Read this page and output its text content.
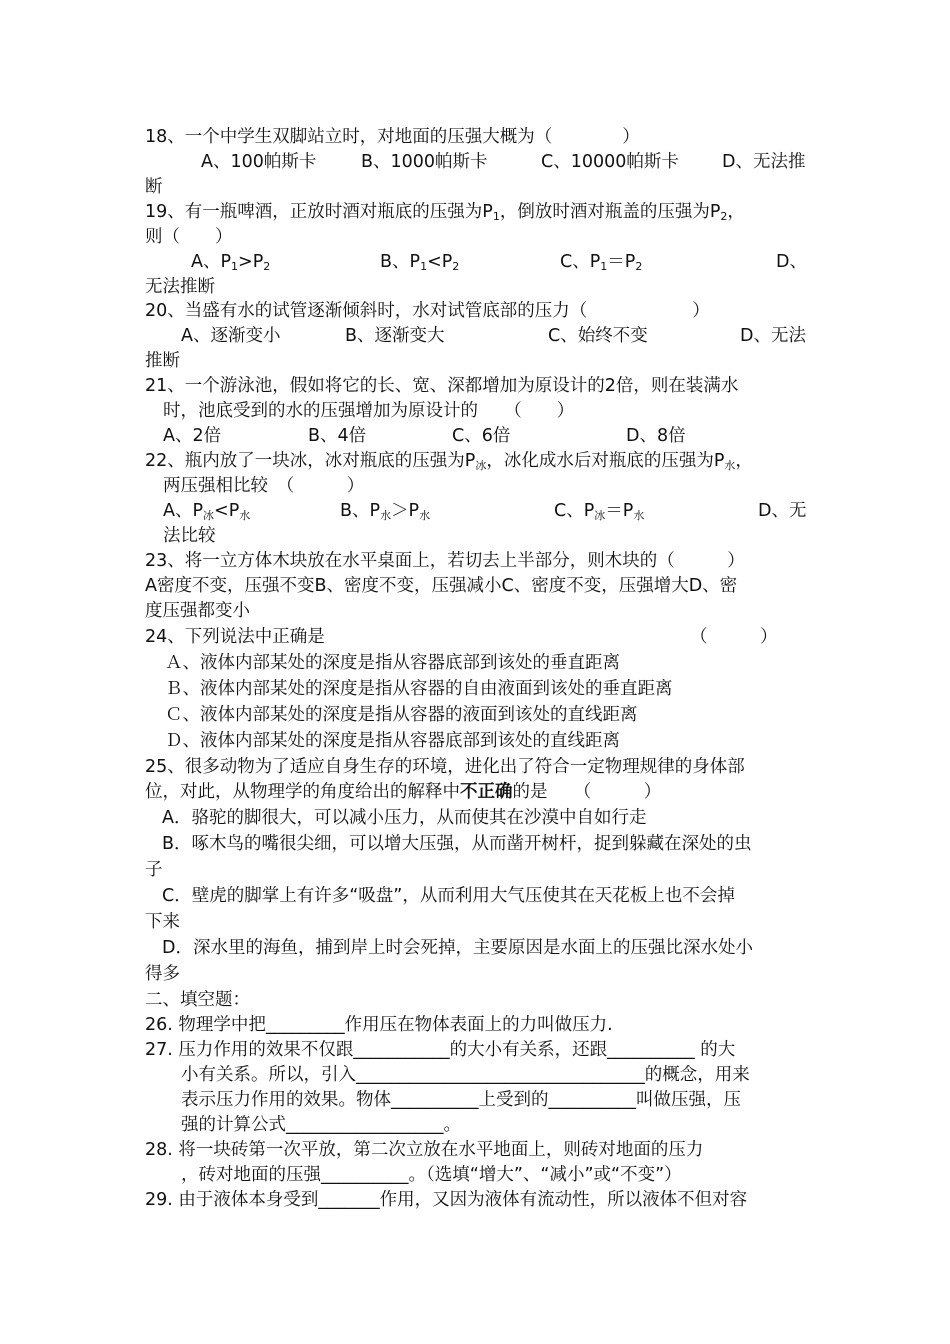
18、一个中学生双脚站立时，对地面的压强大概为（　　　　）
A、100帕斯卡	B、1000帕斯卡	C、10000帕斯卡 D、无法推
断
19、有一瓶啤酒，正放时酒对瓶底的压强为$P_1$，倒放时酒对瓶盖的压强为$P_2$，
则（　　）
A、$P_1>P_2$	B、$P_1<P_2$	C、$P_1=P_2$	D、
无法推断
20、当盛有水的试管逐渐倾斜时，水对试管底部的压力（　　　　　　）
A、逐渐变小	B、逐渐变大	C、始终不变	D、无法
推断
21、一个游泳池，假如将它的长、宽、深都增加为原设计的2倍，则在装满水
时，池底受到的水的压强增加为原设计的　　（　　）
A、2倍	B、4倍	C、6倍	D、8倍
22、瓶内放了一块冰，冰对瓶底的压强为$P_冰$，冰化成水后对瓶底的压强为$P_水$，
两压强相比较　（　　　）
A、$P_冰<P_水$	B、$P_水>P_水$	C、$P_冰=P_水$	D、无
法比较
23、将一立方体木块放在水平桌面上，若切去上半部分，则木块的（　　　）
A密度不变，压强不变B、密度不变，压强减小C、密度不变，压强增大D、密
度压强都变小
24、下列说法中正确是	（　　　）
Ａ、液体内部某处的深度是指从容器底部到该处的垂直距离
Ｂ、液体内部某处的深度是指从容器的自由液面到该处的垂直距离
Ｃ、液体内部某处的深度是指从容器的液面到该处的直线距离
Ｄ、液体内部某处的深度是指从容器底部到该处的直线距离
25、很多动物为了适应自身生存的环境，进化出了符合一定物理规律的身体部
位，对此，从物理学的角度给出的解释中不正确的是　　（　　　）
A．骆驼的脚很大，可以减小压力，从而使其在沙漠中自如行走
B．啄木鸟的嘴很尖细，可以增大压强，从而凿开树杆，捉到躲藏在深处的虫
子
C．壁虎的脚掌上有许多“吸盘”，从而利用大气压使其在天花板上也不会掉
下来
D．深水里的海鱼，捕到岸上时会死掉，主要原因是水面上的压强比深水处小
得多
二、填空题：
26. 物理学中把_________作用压在物体表面上的力叫做压力.
27. 压力作用的效果不仅跟___________的大小有关系，还跟__________ 的大
小有关系。所以，引入_________________________________的概念，用来
表示压力作用的效果。物体__________上受到的__________叫做压强，压
强的计算公式__________________。
28. 将一块砖第一次平放，第二次立放在水平地面上，则砖对地面的压力
，砖对地面的压强__________。（选填“增大”、“减小”或“不变”）
29. 由于液体本身受到_______作用，又因为液体有流动性，所以液体不但对容
